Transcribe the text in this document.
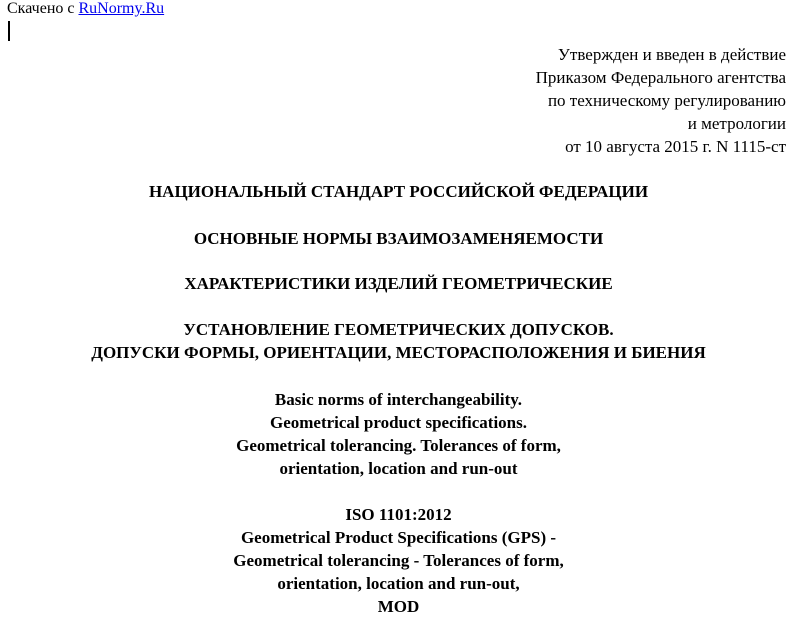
Скачено с RuNormy.Ru
Утвержден и введен в действие
Приказом Федерального агентства
по техническому регулированию
и метрологии
от 10 августа 2015 г. N 1115-ст
НАЦИОНАЛЬНЫЙ СТАНДАРТ РОССИЙСКОЙ ФЕДЕРАЦИИ
ОСНОВНЫЕ НОРМЫ ВЗАИМОЗАМЕНЯЕМОСТИ
ХАРАКТЕРИСТИКИ ИЗДЕЛИЙ ГЕОМЕТРИЧЕСКИЕ
УСТАНОВЛЕНИЕ ГЕОМЕТРИЧЕСКИХ ДОПУСКОВ.
ДОПУСКИ ФОРМЫ, ОРИЕНТАЦИИ, МЕСТОРАСПОЛОЖЕНИЯ И БИЕНИЯ
Basic norms of interchangeability.
Geometrical product specifications.
Geometrical tolerancing. Tolerances of form,
orientation, location and run-out
ISO 1101:2012
Geometrical Product Specifications (GPS) -
Geometrical tolerancing - Tolerances of form,
orientation, location and run-out,
MOD
